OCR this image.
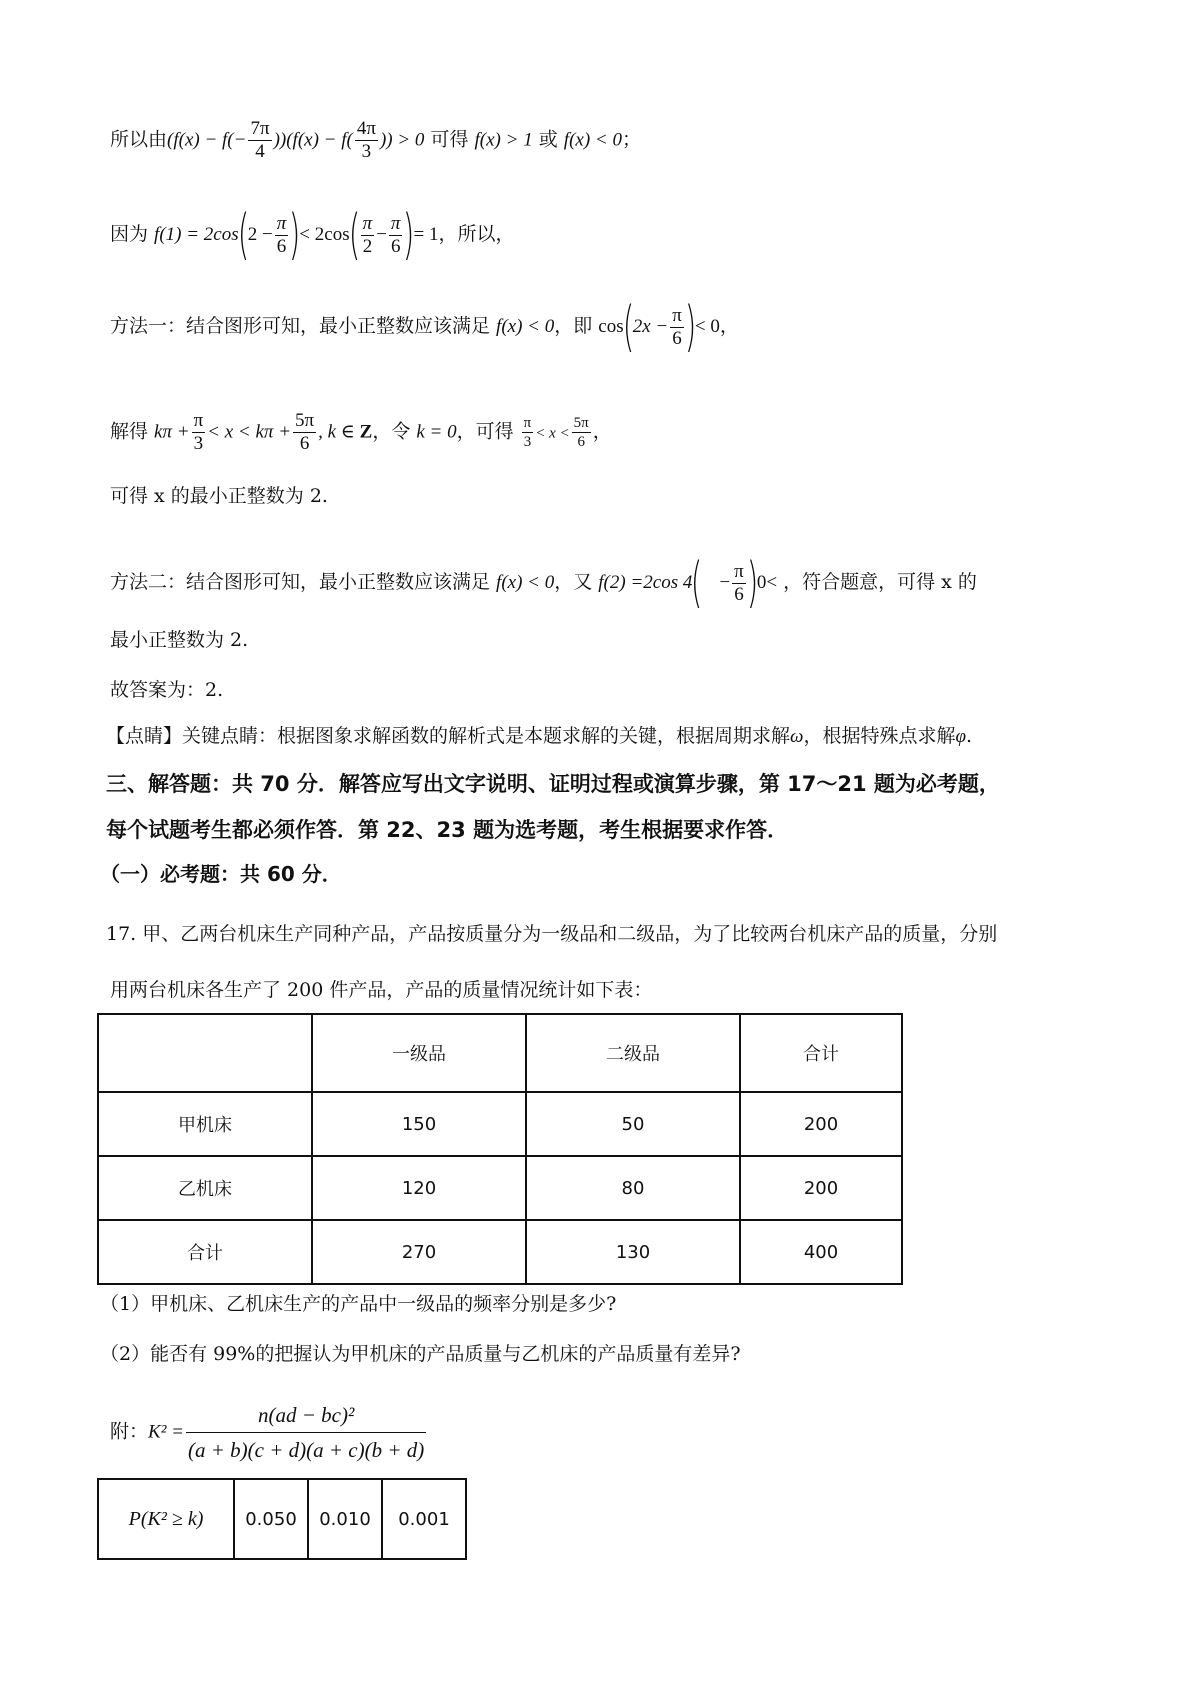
所以由$(f(x) - f(- \frac{7\pi}{4} ))(f(x) - f( \frac{4\pi}{3}$ )) > 0 可得 f(x) > 1 或 f(x) < 0；
因为 $f(1) = 2\cos(2 - \frac{\pi}{6}$ )< $2\cos( \frac{\pi}{2} - \frac{\pi}{6}$ )= 1，所以，
方法一：结合图形可知，最小正整数应该满足 f(x) < 0，即 $\cos(2x - \frac{\pi}{6}$ )< 0，
解得 $k\pi + \frac{\pi}{3} < x < k\pi + \frac{5\pi}{6}$ , k ∈ Z，令 k = 0，可得 $\frac{\pi}{3} < x < \frac{5\pi}{6}$ ，
可得 x 的最小正整数为 2.
方法二：结合图形可知，最小正整数应该满足 f(x) < 0，又 f(2) =2cos $4( - \frac{\pi}{6} )0<$ ，符合题意，可得 x 的
最小正整数为 2.
故答案为：2.
【点睛】关键点睛：根据图象求解函数的解析式是本题求解的关键，根据周期求解ω，根据特殊点求解φ.
三、解答题：共 70 分．解答应写出文字说明、证明过程或演算步骤，第 17～21 题为必考题，
每个试题考生都必须作答．第 22、23 题为选考题，考生根据要求作答．
（一）必考题：共 60 分．
17. 甲、乙两台机床生产同种产品，产品按质量分为一级品和二级品，为了比较两台机床产品的质量，分别
用两台机床各生产了 200 件产品，产品的质量情况统计如下表：
	一级品	二级品	合计
甲机床	150	50	200
乙机床	120	80	200
合计	270	130	400
（1）甲机床、乙机床生产的产品中一级品的频率分别是多少?
（2）能否有 99%的把握认为甲机床的产品质量与乙机床的产品质量有差异?
附：$K^2 = \frac{\text{n(ad − bc)²}}{(a + b)(c + d)(a + c)(b + d)}$
P(K² ≥ k)	0.050	0.010	0.001
